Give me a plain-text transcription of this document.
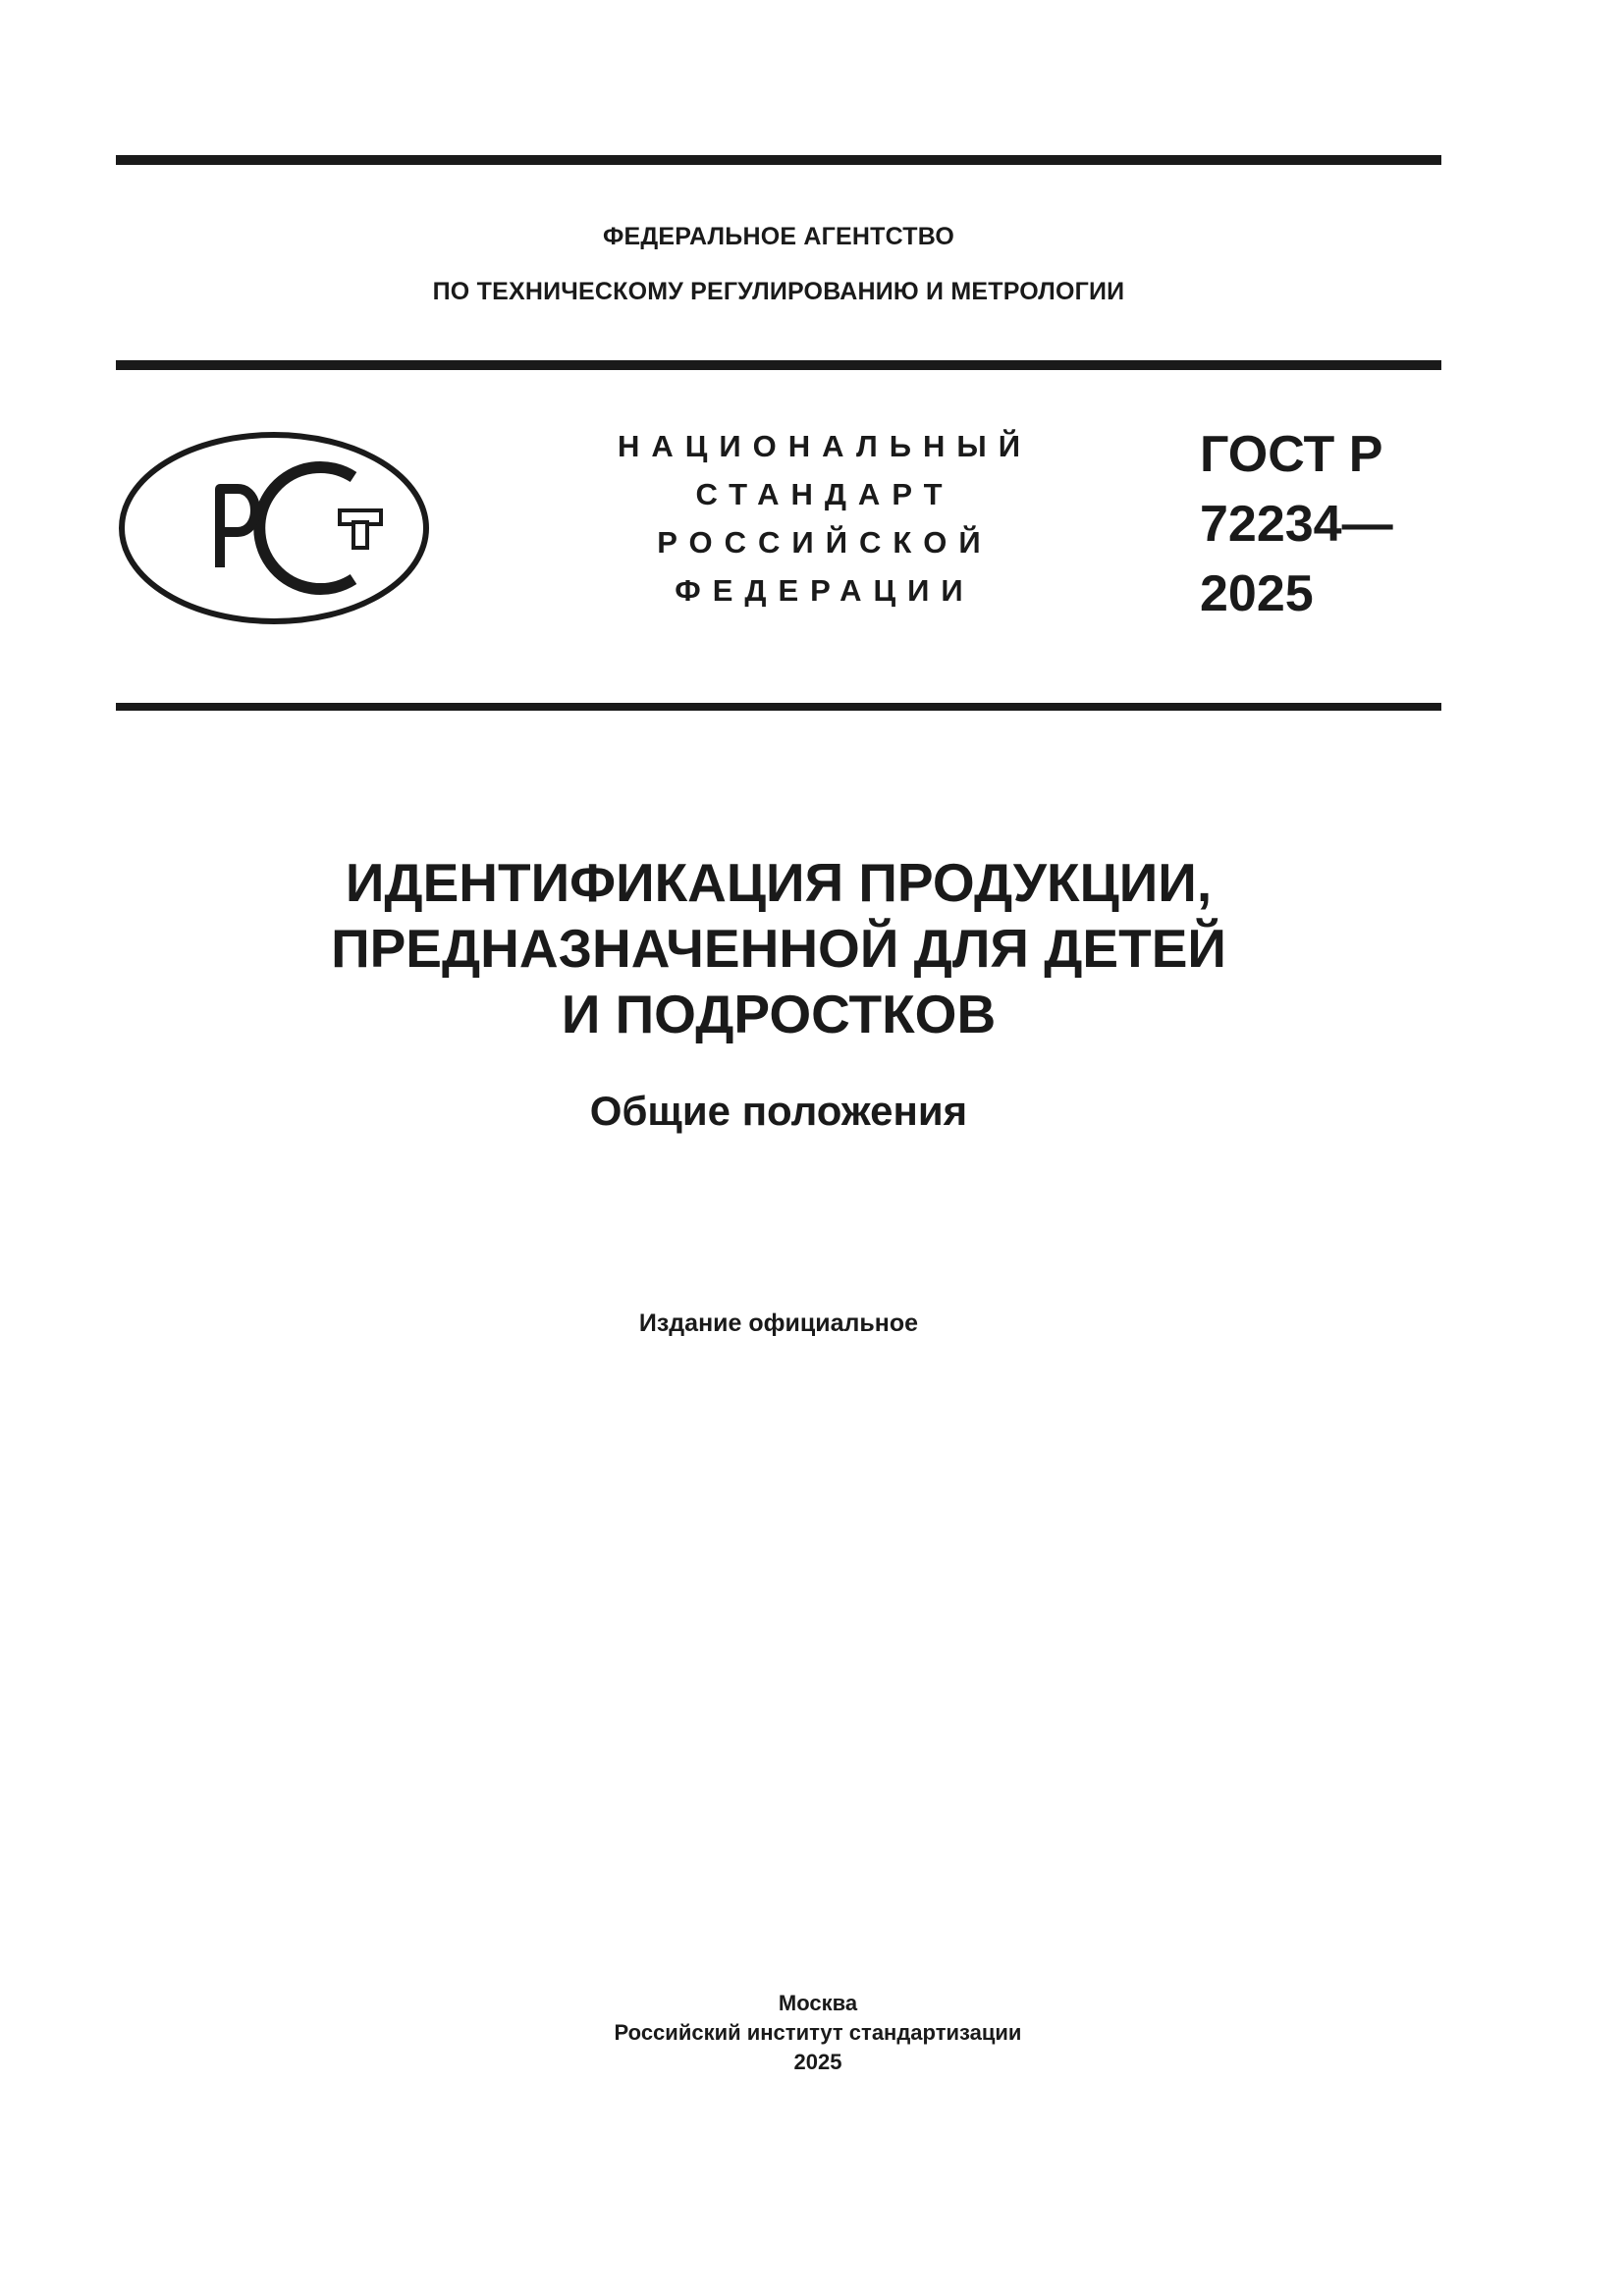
ФЕДЕРАЛЬНОЕ АГЕНТСТВО
ПО ТЕХНИЧЕСКОМУ РЕГУЛИРОВАНИЮ И МЕТРОЛОГИИ
НАЦИОНАЛЬНЫЙ
СТАНДАРТ
РОССИЙСКОЙ
ФЕДЕРАЦИИ
ГОСТ Р
72234—
2025
ИДЕНТИФИКАЦИЯ ПРОДУКЦИИ,
ПРЕДНАЗНАЧЕННОЙ ДЛЯ ДЕТЕЙ
И ПОДРОСТКОВ
Общие положения
Издание официальное
Москва
Российский институт стандартизации
2025
